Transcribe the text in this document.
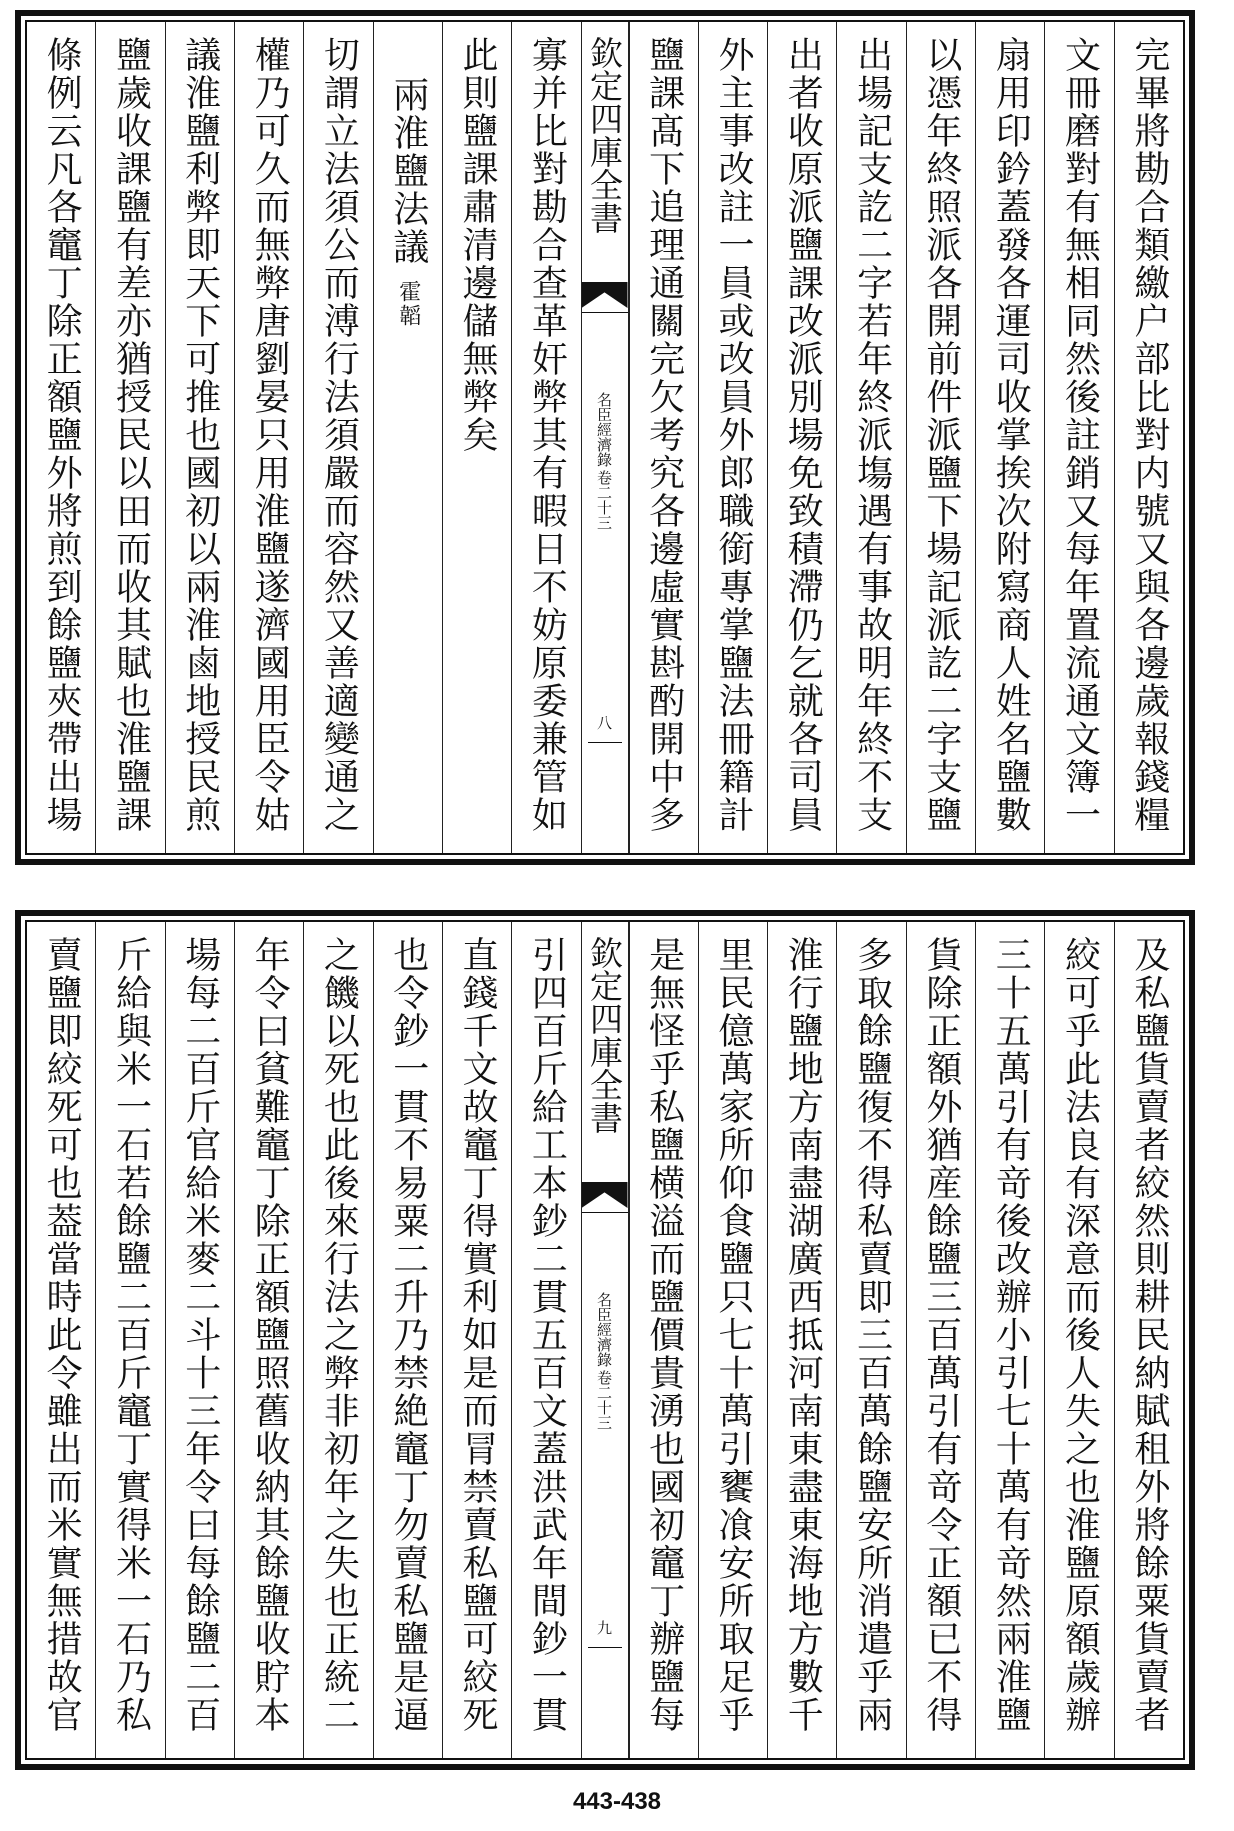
完畢將勘合類繳户部比對内號又與各邊歲報錢糧
文冊磨對有無相同然後註銷又每年置流通文簿一
扇用印鈐蓋發各運司收掌挨次附寫商人姓名鹽數
以憑年終照派各開前件派鹽下場記派訖二字支鹽
出場記支訖二字若年終派塲遇有事故明年終不支
出者收原派鹽課改派別場免致積滯仍乞就各司員
外主事改註一員或改員外郎職銜專掌鹽法冊籍計
鹽課髙下追理通關完欠考究各邊虛實斟酌開中多
欽定四庫全書
名臣經濟錄
卷二十三
八
寡并比對勘合查革奸弊其有暇日不妨原委兼管如
此則鹽課肅清邊儲無弊矣
兩淮鹽法議
霍韜
切謂立法須公而溥行法須嚴而容然又善適變通之
權乃可久而無弊唐劉晏只用淮鹽遂濟國用臣令姑
議淮鹽利弊即天下可推也國初以兩淮鹵地授民煎
鹽歲收課鹽有差亦猶授民以田而收其賦也淮鹽課
條例云凡各竈丁除正額鹽外將煎到餘鹽夾帶出場
及私鹽貨賣者絞然則耕民納賦租外將餘粟貨賣者
絞可乎此法良有深意而後人失之也淮鹽原額歲辦
三十五萬引有竒後改辦小引七十萬有竒然兩淮鹽
貨除正額外猶産餘鹽三百萬引有竒令正額已不得
多取餘鹽復不得私賣即三百萬餘鹽安所消遣乎兩
淮行鹽地方南盡湖廣西抵河南東盡東海地方數千
里民億萬家所仰食鹽只七十萬引饔飡安所取足乎
是無怪乎私鹽横溢而鹽價貴湧也國初竈丁辦鹽每
欽定四庫全書
名臣經濟錄
卷二十三
九
引四百斤給工本鈔二貫五百文蓋洪武年間鈔一貫
直錢千文故竈丁得實利如是而冐禁賣私鹽可絞死
也令鈔一貫不易粟二升乃禁絶竈丁勿賣私鹽是逼
之饑以死也此後來行法之弊非初年之失也正統二
年令曰貧難竈丁除正額鹽照舊收納其餘鹽收貯本
場每二百斤官給米麥二斗十三年令曰每餘鹽二百
斤給與米一石若餘鹽二百斤竈丁實得米一石乃私
賣鹽即絞死可也葢當時此令雖出而米實無措故官
443-438
